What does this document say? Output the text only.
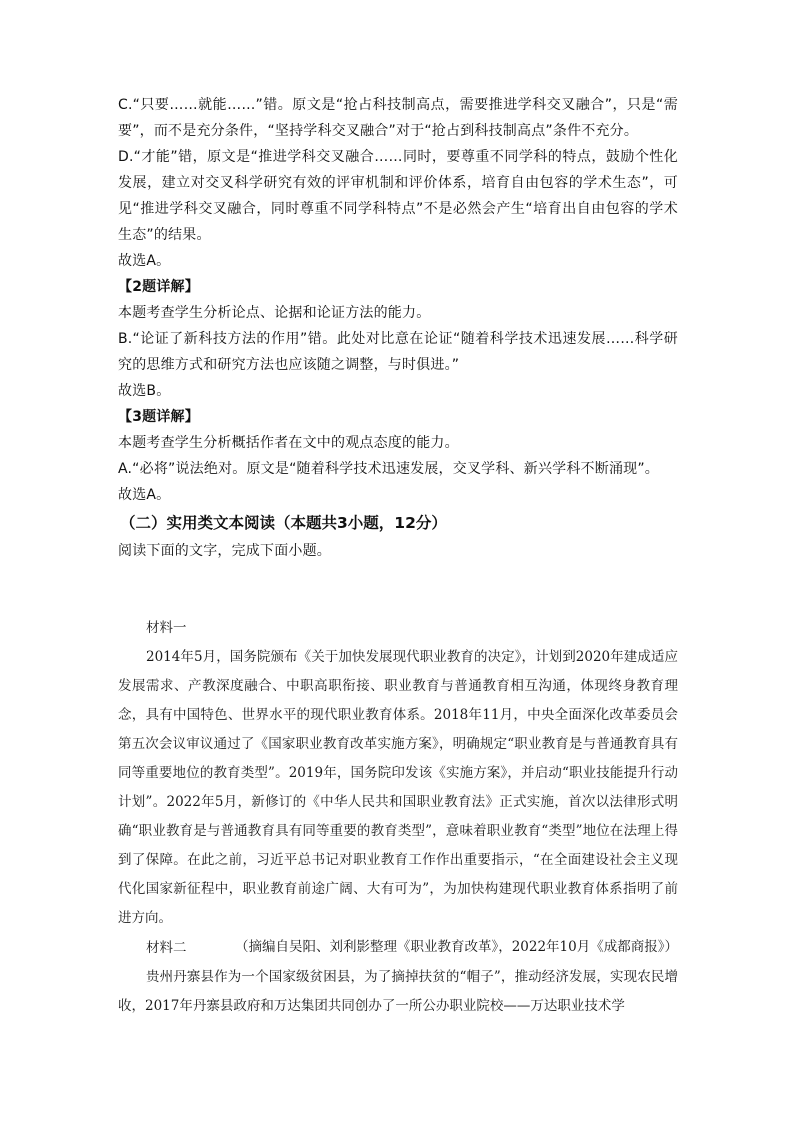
C.“只要……就能……”错。原文是“抢占科技制高点，需要推进学科交叉融合”，只是“需要”，而不是充分条件，“坚持学科交叉融合”对于“抢占到科技制高点”条件不充分。

D.“才能”错，原文是“推进学科交叉融合……同时，要尊重不同学科的特点，鼓励个性化发展，建立对交叉科学研究有效的评审机制和评价体系，培育自由包容的学术生态”，可见“推进学科交叉融合，同时尊重不同学科特点”不是必然会产生“培育出自由包容的学术生态”的结果。

故选A。

【2题详解】

本题考查学生分析论点、论据和论证方法的能力。

B.“论证了新科技方法的作用”错。此处对比意在论证“随着科学技术迅速发展……科学研究的思维方式和研究方法也应该随之调整，与时俱进。”

故选B。

【3题详解】

本题考查学生分析概括作者在文中的观点态度的能力。

A.“必将”说法绝对。原文是“随着科学技术迅速发展，交叉学科、新兴学科不断涌现”。

故选A。

（二）实用类文本阅读（本题共3小题，12分）

阅读下面的文字，完成下面小题。

材料一

2014年5月，国务院颁布《关于加快发展现代职业教育的决定》，计划到2020年建成适应发展需求、产教深度融合、中职高职衔接、职业教育与普通教育相互沟通，体现终身教育理念，具有中国特色、世界水平的现代职业教育体系。2018年11月，中央全面深化改革委员会第五次会议审议通过了《国家职业教育改革实施方案》，明确规定“职业教育是与普通教育具有同等重要地位的教育类型”。2019年，国务院印发该《实施方案》，并启动“职业技能提升行动计划”。2022年5月，新修订的《中华人民共和国职业教育法》正式实施，首次以法律形式明确“职业教育是与普通教育具有同等重要的教育类型”，意味着职业教育“类型”地位在法理上得到了保障。在此之前，习近平总书记对职业教育工作作出重要指示，“在全面建设社会主义现代化国家新征程中，职业教育前途广阔、大有可为”，为加快构建现代职业教育体系指明了前进方向。

（摘编自吴阳、刘利影整理《职业教育改革》，2022年10月《成都商报》）

材料二

贵州丹寨县作为一个国家级贫困县，为了摘掉扶贫的“帽子”，推动经济发展，实现农民增收，2017年丹寨县政府和万达集团共同创办了一所公办职业院校——万达职业技术学
